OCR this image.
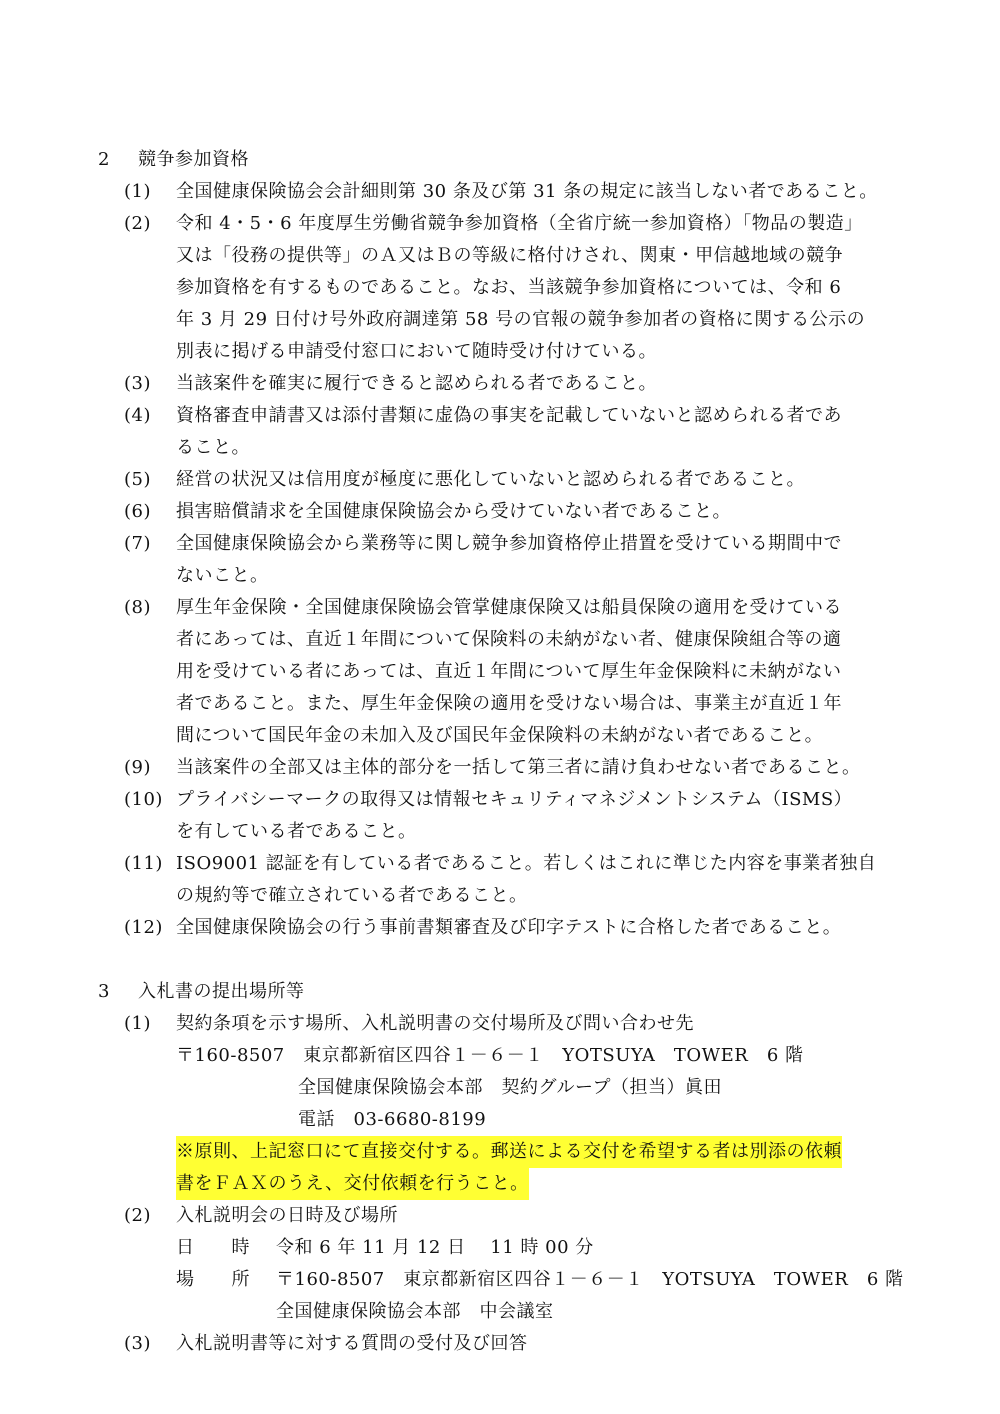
2 競争参加資格
(1) 全国健康保険協会会計細則第 30 条及び第 31 条の規定に該当しない者であること。
(2) 令和 4・5・6 年度厚生労働省競争参加資格（全省庁統一参加資格）「物品の製造」
又は「役務の提供等」のＡ又はＢの等級に格付けされ、関東・甲信越地域の競争
参加資格を有するものであること。なお、当該競争参加資格については、令和 6
年 3 月 29 日付け号外政府調達第 58 号の官報の競争参加者の資格に関する公示の
別表に掲げる申請受付窓口において随時受け付けている。
(3) 当該案件を確実に履行できると認められる者であること。
(4) 資格審査申請書又は添付書類に虚偽の事実を記載していないと認められる者であ
ること。
(5) 経営の状況又は信用度が極度に悪化していないと認められる者であること。
(6) 損害賠償請求を全国健康保険協会から受けていない者であること。
(7) 全国健康保険協会から業務等に関し競争参加資格停止措置を受けている期間中で
ないこと。
(8) 厚生年金保険・全国健康保険協会管掌健康保険又は船員保険の適用を受けている
者にあっては、直近１年間について保険料の未納がない者、健康保険組合等の適
用を受けている者にあっては、直近１年間について厚生年金保険料に未納がない
者であること。また、厚生年金保険の適用を受けない場合は、事業主が直近１年
間について国民年金の未加入及び国民年金保険料の未納がない者であること。
(9) 当該案件の全部又は主体的部分を一括して第三者に請け負わせない者であること。
(10) プライバシーマークの取得又は情報セキュリティマネジメントシステム（ISMS）
を有している者であること。
(11) ISO9001 認証を有している者であること。若しくはこれに準じた内容を事業者独自
の規約等で確立されている者であること。
(12) 全国健康保険協会の行う事前書類審査及び印字テストに合格した者であること。
3 入札書の提出場所等
(1) 契約条項を示す場所、入札説明書の交付場所及び問い合わせ先
〒160-8507　東京都新宿区四谷１－６－１　YOTSUYA　TOWER　6 階
全国健康保険協会本部　契約グループ（担当）眞田
電話　03-6680-8199
※原則、上記窓口にて直接交付する。郵送による交付を希望する者は別添の依頼
書をＦＡＸのうえ、交付依頼を行うこと。
(2) 入札説明会の日時及び場所
日　　時 令和 6 年 11 月 12 日　 11 時 00 分
場　　所 〒160-8507　東京都新宿区四谷１－６－１　YOTSUYA　TOWER　6 階
全国健康保険協会本部　中会議室
(3) 入札説明書等に対する質問の受付及び回答
